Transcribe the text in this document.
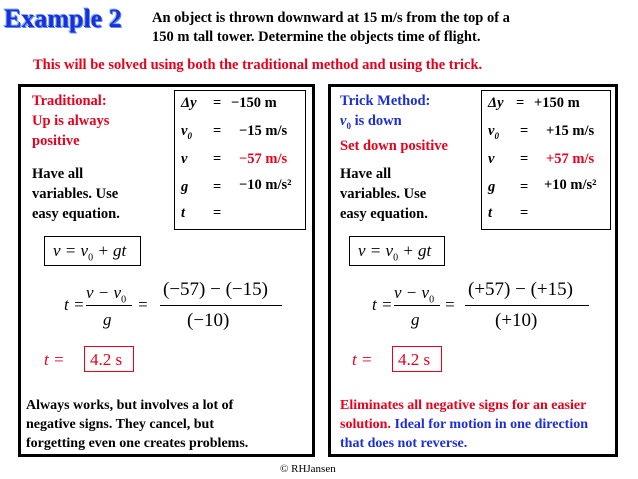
Example 2 An object is thrown downward at 15 m/s from the top of a
150 m tall tower. Determine the objects time of flight.
This will be solved using both the traditional method and using the trick.
Traditional:
Up is always
positive
Have all
variables. Use
easy equation.
Δy = −150 m
$v_0 = -15$ m/s
v = −57 m/s
g = −10 m/s²
t =
$v = v_0$ + gt
t =
$v - v_0$
g
=
(−57) − (−15)
(−10)
t =	4.2 s
Always works, but involves a lot of
negative signs. They cancel, but
forgetting even one creates problems.
Trick Method:
$v_0$ is down
Set down positive
Have all
variables. Use
easy equation.
Δy = +150 m
$v_0 = +15$ m/s
v = +57 m/s
g = +10 m/s²
t =
$v = v_0$ + gt
t =
$v - v_0$
g
=
(+57) − (+15)
(+10)
t =	4.2 s
Eliminates all negative signs for an easier solution. Ideal for motion in one direction that does not reverse.
© RHJansen
